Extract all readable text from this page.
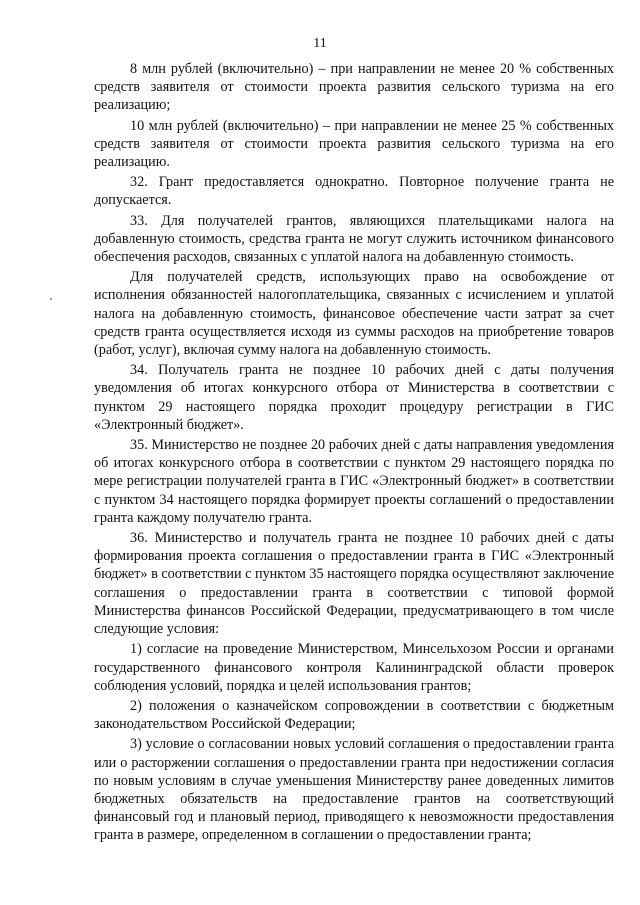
11

8 млн рублей (включительно) – при направлении не менее 20 % собственных средств заявителя от стоимости проекта развития сельского туризма на его реализацию;

10 млн рублей (включительно) – при направлении не менее 25 % собственных средств заявителя от стоимости проекта развития сельского туризма на его реализацию.

32. Грант предоставляется однократно. Повторное получение гранта не допускается.

33. Для получателей грантов, являющихся плательщиками налога на добавленную стоимость, средства гранта не могут служить источником финансового обеспечения расходов, связанных с уплатой налога на добавленную стоимость.

Для получателей средств, использующих право на освобождение от исполнения обязанностей налогоплательщика, связанных с исчислением и уплатой налога на добавленную стоимость, финансовое обеспечение части затрат за счет средств гранта осуществляется исходя из суммы расходов на приобретение товаров (работ, услуг), включая сумму налога на добавленную стоимость.

34. Получатель гранта не позднее 10 рабочих дней с даты получения уведомления об итогах конкурсного отбора от Министерства в соответствии с пунктом 29 настоящего порядка проходит процедуру регистрации в ГИС «Электронный бюджет».

35. Министерство не позднее 20 рабочих дней с даты направления уведомления об итогах конкурсного отбора в соответствии с пунктом 29 настоящего порядка по мере регистрации получателей гранта в ГИС «Электронный бюджет» в соответствии с пунктом 34 настоящего порядка формирует проекты соглашений о предоставлении гранта каждому получателю гранта.

36. Министерство и получатель гранта не позднее 10 рабочих дней с даты формирования проекта соглашения о предоставлении гранта в ГИС «Электронный бюджет» в соответствии с пунктом 35 настоящего порядка осуществляют заключение соглашения о предоставлении гранта в соответствии с типовой формой Министерства финансов Российской Федерации, предусматривающего в том числе следующие условия:

1) согласие на проведение Министерством, Минсельхозом России и органами государственного финансового контроля Калининградской области проверок соблюдения условий, порядка и целей использования грантов;

2) положения о казначейском сопровождении в соответствии с бюджетным законодательством Российской Федерации;

3) условие о согласовании новых условий соглашения о предоставлении гранта или о расторжении соглашения о предоставлении гранта при недостижении согласия по новым условиям в случае уменьшения Министерству ранее доведенных лимитов бюджетных обязательств на предоставление грантов на соответствующий финансовый год и плановый период, приводящего к невозможности предоставления гранта в размере, определенном в соглашении о предоставлении гранта;
